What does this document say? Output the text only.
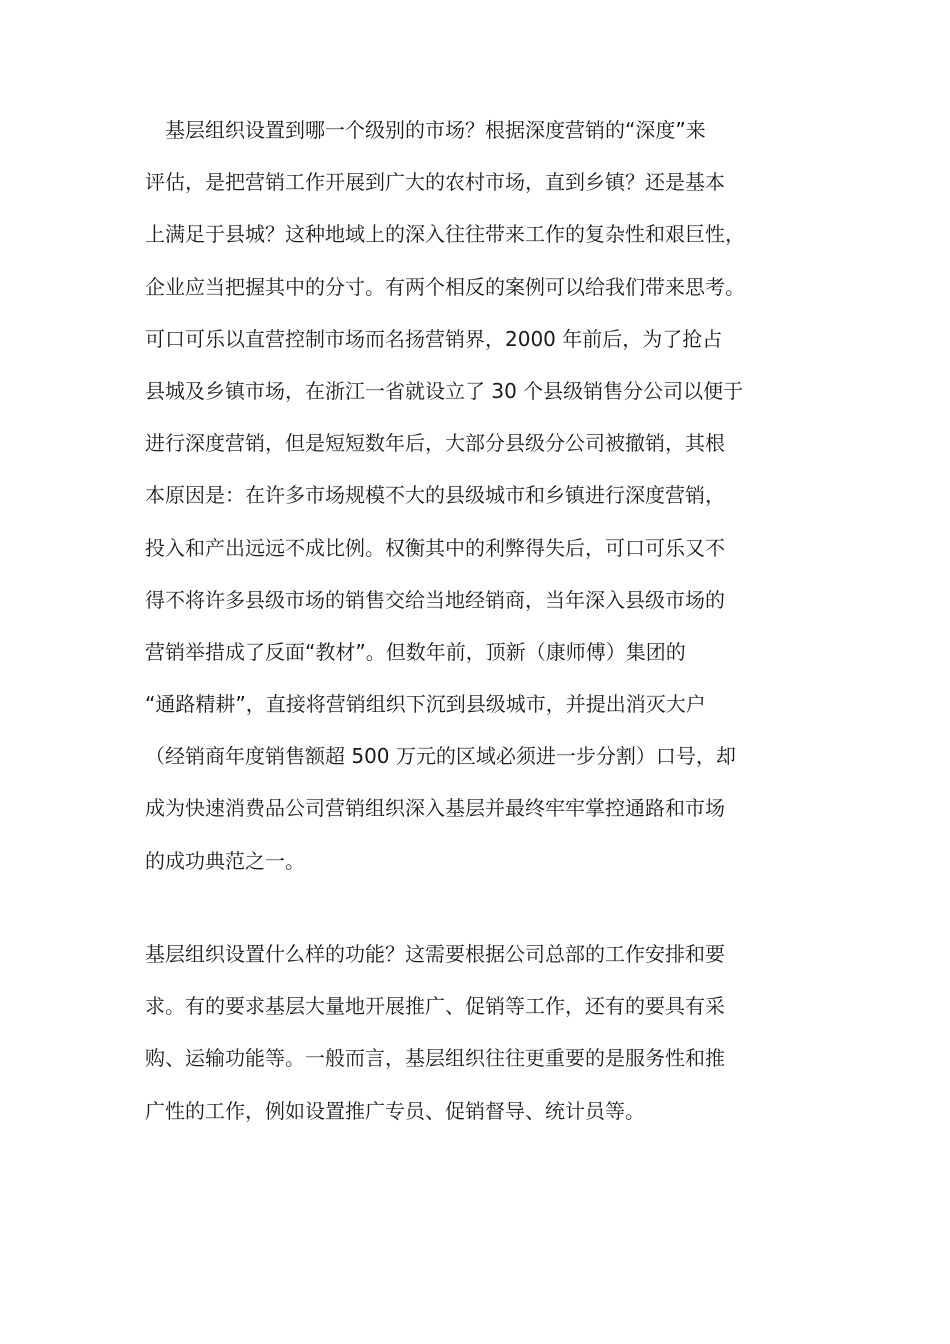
基层组织设置到哪一个级别的市场？根据深度营销的“深度”来
评估，是把营销工作开展到广大的农村市场，直到乡镇？还是基本
上满足于县城？这种地域上的深入往往带来工作的复杂性和艰巨性，
企业应当把握其中的分寸。有两个相反的案例可以给我们带来思考。
可口可乐以直营控制市场而名扬营销界，2000 年前后，为了抢占
县城及乡镇市场，在浙江一省就设立了 30 个县级销售分公司以便于
进行深度营销，但是短短数年后，大部分县级分公司被撤销，其根
本原因是：在许多市场规模不大的县级城市和乡镇进行深度营销，
投入和产出远远不成比例。权衡其中的利弊得失后，可口可乐又不
得不将许多县级市场的销售交给当地经销商，当年深入县级市场的
营销举措成了反面“教材”。但数年前，顶新（康师傅）集团的
“通路精耕”，直接将营销组织下沉到县级城市，并提出消灭大户
（经销商年度销售额超 500 万元的区域必须进一步分割）口号，却
成为快速消费品公司营销组织深入基层并最终牢牢掌控通路和市场
的成功典范之一。
基层组织设置什么样的功能？这需要根据公司总部的工作安排和要
求。有的要求基层大量地开展推广、促销等工作，还有的要具有采
购、运输功能等。一般而言，基层组织往往更重要的是服务性和推
广性的工作，例如设置推广专员、促销督导、统计员等。
